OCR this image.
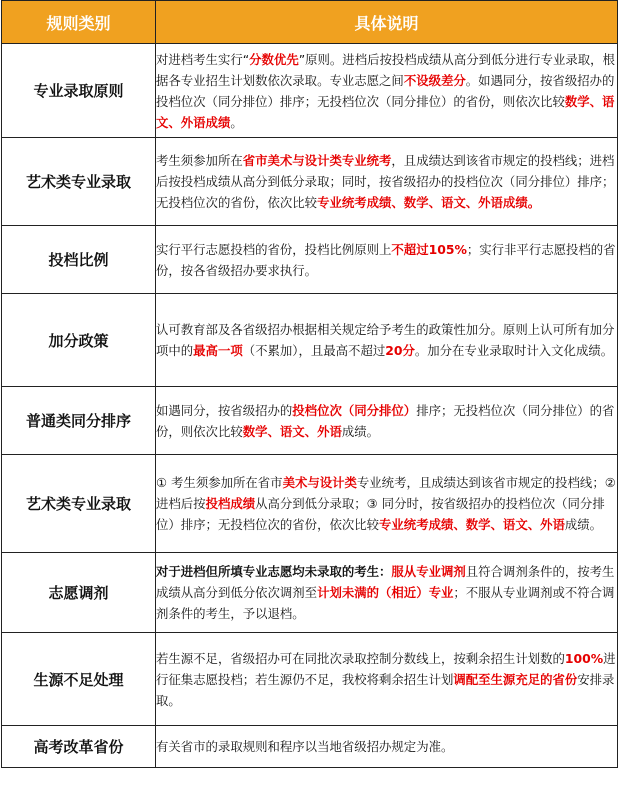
规则类别	具体说明
专业录取原则	对进档考生实行“分数优先”原则。进档后按投档成绩从高分到低分进行专业录取，根据各专业招生计划数依次录取。专业志愿之间不设级差分。如遇同分，按省级招办的投档位次（同分排位）排序；无投档位次（同分排位）的省份，则依次比较数学、语文、外语成绩。
艺术类专业录取	考生须参加所在省市美术与设计类专业统考，且成绩达到该省市规定的投档线；进档后按投档成绩从高分到低分录取；同时，按省级招办的投档位次（同分排位）排序；无投档位次的省份，依次比较专业统考成绩、数学、语文、外语成绩。
投档比例	实行平行志愿投档的省份，投档比例原则上不超过105%；实行非平行志愿投档的省份，按各省级招办要求执行。
加分政策	认可教育部及各省级招办根据相关规定给予考生的政策性加分。原则上认可所有加分项中的最高一项（不累加），且最高不超过20分。加分在专业录取时计入文化成绩。
普通类同分排序	如遇同分，按省级招办的投档位次（同分排位）排序；无投档位次（同分排位）的省份，则依次比较数学、语文、外语成绩。
艺术类专业录取	① 考生须参加所在省市美术与设计类专业统考，且成绩达到该省市规定的投档线；② 进档后按投档成绩从高分到低分录取；③ 同分时，按省级招办的投档位次（同分排位）排序；无投档位次的省份，依次比较专业统考成绩、数学、语文、外语成绩。
志愿调剂	对于进档但所填专业志愿均未录取的考生：服从专业调剂且符合调剂条件的，按考生成绩从高分到低分依次调剂至计划未满的（相近）专业；不服从专业调剂或不符合调剂条件的考生，予以退档。
生源不足处理	若生源不足，省级招办可在同批次录取控制分数线上，按剩余招生计划数的100%进行征集志愿投档；若生源仍不足，我校将剩余招生计划调配至生源充足的省份安排录取。
高考改革省份	有关省市的录取规则和程序以当地省级招办规定为准。
